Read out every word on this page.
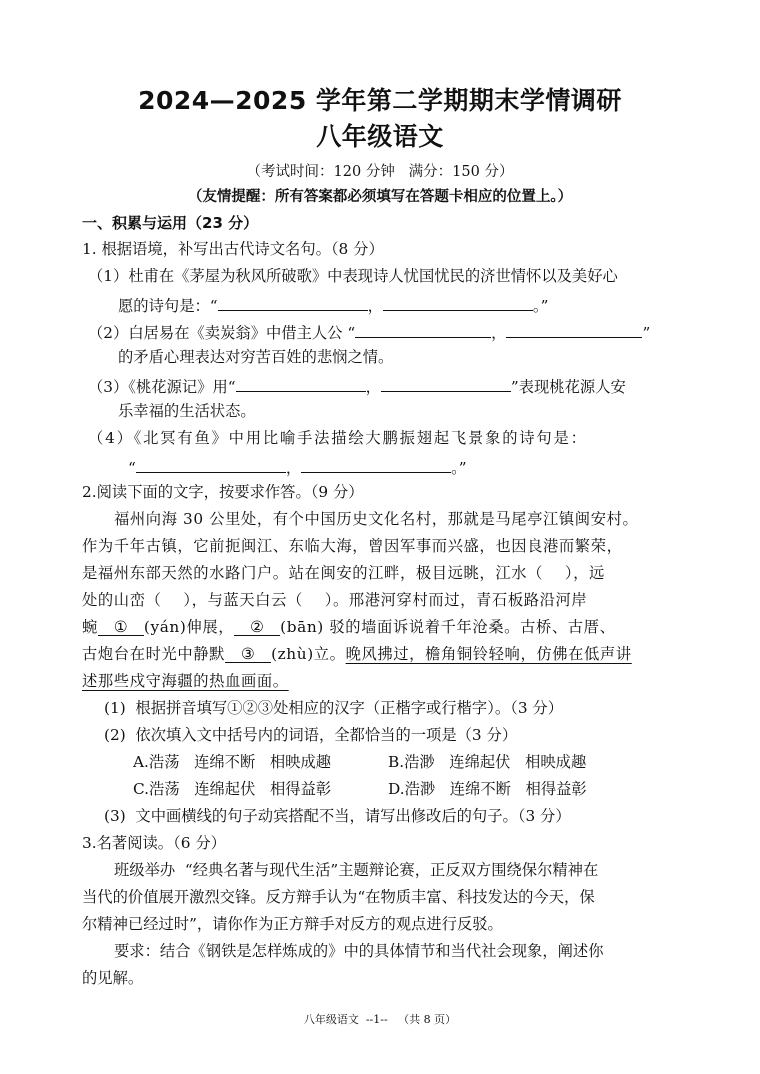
2024—2025 学年第二学期期末学情调研
八年级语文
（考试时间：120 分钟   满分：150 分）
（友情提醒：所有答案都必须填写在答题卡相应的位置上。）
一、积累与运用（23 分）
1. 根据语境，补写出古代诗文名句。（8 分）
（1）杜甫在《茅屋为秋风所破歌》中表现诗人忧国忧民的济世情怀以及美好心
愿的诗句是：“	，	。”
（2）白居易在《卖炭翁》中借主人公 “	，	”
的矛盾心理表达对穷苦百姓的悲悯之情。
（3）《桃花源记》用“	，	”表现桃花源人安
乐幸福的生活状态。
（4）《北冥有鱼》中用比喻手法描绘大鹏振翅起飞景象的诗句是：
“	，	。”
2.阅读下面的文字，按要求作答。（9 分）
福州向海 30 公里处，有个中国历史文化名村，那就是马尾亭江镇闽安村。
作为千年古镇，它前扼闽江、东临大海，曾因军事而兴盛，也因良港而繁荣，
是福州东部天然的水路门户。站在闽安的江畔，极目远眺，江水（    ），远
处的山峦（    ），与蓝天白云（    ）。邢港河穿村而过，青石板路沿河岸
蜿 ① (yán)伸展， ② (bān) 驳的墙面诉说着千年沧桑。古桥、古厝、
古炮台在时光中静默 ③ (zhù)立。晚风拂过，檐角铜铃轻响，仿佛在低声讲
述那些戍守海疆的热血画面。
(1)  根据拼音填写①②③处相应的汉字（正楷字或行楷字）。（3 分）
(2)  依次填入文中括号内的词语，全都恰当的一项是（3 分）
A.浩荡   连绵不断   相映成趣	B.浩渺   连绵起伏   相映成趣
C.浩荡   连绵起伏   相得益彰	D.浩渺   连绵不断   相得益彰
(3)  文中画横线的句子动宾搭配不当，请写出修改后的句子。（3 分）
3.名著阅读。（6 分）
班级举办  “经典名著与现代生活”主题辩论赛，正反双方围绕保尔精神在
当代的价值展开激烈交锋。反方辩手认为“在物质丰富、科技发达的今天，保
尔精神已经过时”，请你作为正方辩手对反方的观点进行反驳。
要求：结合《钢铁是怎样炼成的》中的具体情节和当代社会现象，阐述你
的见解。
八年级语文  --1--   （共 8 页）
